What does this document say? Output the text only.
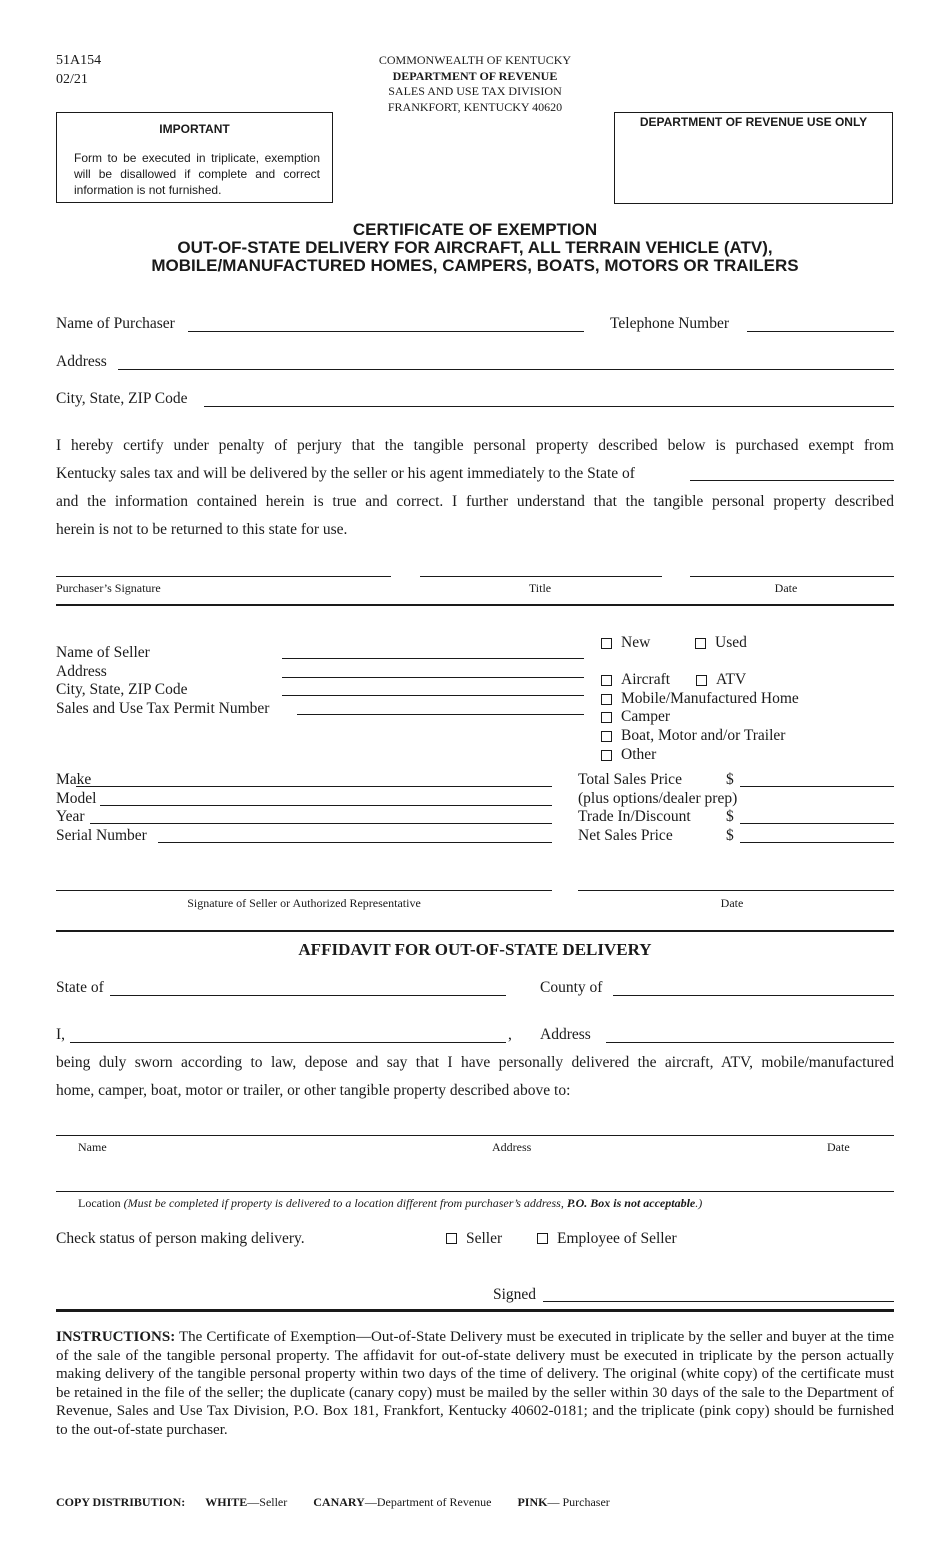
51A154
02/21
COMMONWEALTH OF KENTUCKY
DEPARTMENT OF REVENUE
SALES AND USE TAX DIVISION
FRANKFORT, KENTUCKY 40620
IMPORTANT
Form to be executed in triplicate, exemption will be disallowed if complete and correct information is not furnished.
DEPARTMENT OF REVENUE USE ONLY
CERTIFICATE OF EXEMPTION
OUT-OF-STATE DELIVERY FOR AIRCRAFT, ALL TERRAIN VEHICLE (ATV),
MOBILE/MANUFACTURED HOMES, CAMPERS, BOATS, MOTORS OR TRAILERS
Name of Purchaser	Telephone Number
Address
City, State, ZIP Code
I hereby certify under penalty of perjury that the tangible personal property described below is purchased exempt from
Kentucky sales tax and will be delivered by the seller or his agent immediately to the State of
and the information contained herein is true and correct. I further understand that the tangible personal property described
herein is not to be returned to this state for use.
Purchaser’s Signature	Title	Date
Name of Seller
Address
City, State, ZIP Code
Sales and Use Tax Permit Number
New	Used
Aircraft	ATV
Mobile/Manufactured Home
Camper
Boat, Motor and/or Trailer
Other
Make
Model
Year
Serial Number
Total Sales Price	$
(plus options/dealer prep)
Trade In/Discount $
Net Sales Price	$
Signature of Seller or Authorized Representative	Date
AFFIDAVIT FOR OUT-OF-STATE DELIVERY
State of	County of
I,	, Address
being duly sworn according to law, depose and say that I have personally delivered the aircraft, ATV, mobile/manufactured
home, camper, boat, motor or trailer, or other tangible property described above to:
Name	Address	Date
Location (Must be completed if property is delivered to a location different from purchaser’s address, P.O. Box is not acceptable.)
Check status of person making delivery.	Seller	Employee of Seller
Signed
INSTRUCTIONS: The Certificate of Exemption—Out-of-State Delivery must be executed in triplicate by the seller and buyer at the time of the sale of the tangible personal property. The affidavit for out-of-state delivery must be executed in triplicate by the person actually making delivery of the tangible personal property within two days of the time of delivery. The original (white copy) of the certificate must be retained in the file of the seller; the duplicate (canary copy) must be mailed by the seller within 30 days of the sale to the Department of Revenue, Sales and Use Tax Division, P.O. Box 181, Frankfort, Kentucky 40602-0181; and the triplicate (pink copy) should be furnished to the out-of-state purchaser.
COPY DISTRIBUTION: WHITE—Seller CANARY—Department of Revenue PINK— Purchaser
